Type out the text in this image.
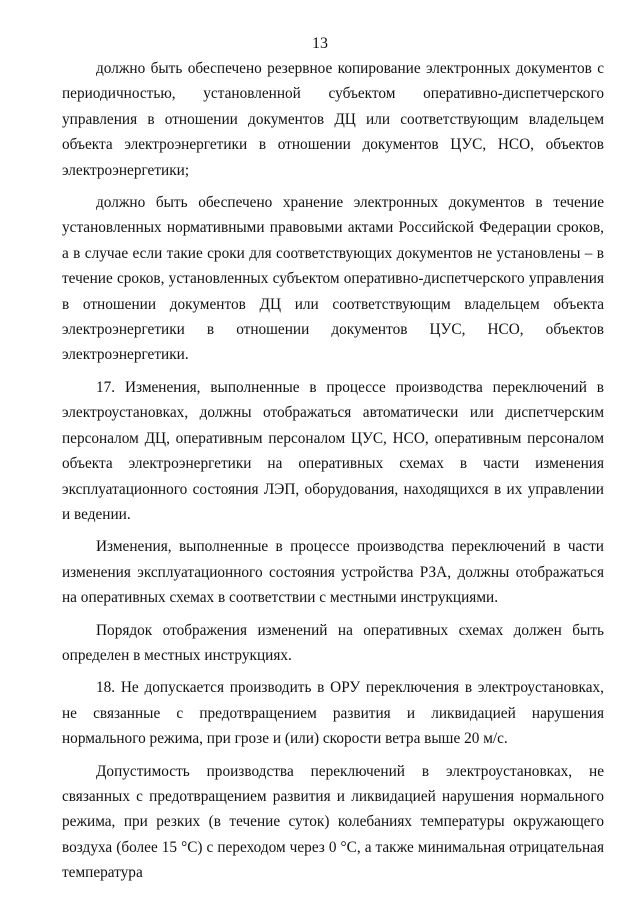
13

должно быть обеспечено резервное копирование электронных документов с периодичностью, установленной субъектом оперативно-диспетчерского управления в отношении документов ДЦ или соответствующим владельцем объекта электроэнергетики в отношении документов ЦУС, НСО, объектов электроэнергетики;

должно быть обеспечено хранение электронных документов в течение установленных нормативными правовыми актами Российской Федерации сроков, а в случае если такие сроки для соответствующих документов не установлены – в течение сроков, установленных субъектом оперативно-диспетчерского управления в отношении документов ДЦ или соответствующим владельцем объекта электроэнергетики в отношении документов ЦУС, НСО, объектов электроэнергетики.

17. Изменения, выполненные в процессе производства переключений в электроустановках, должны отображаться автоматически или диспетчерским персоналом ДЦ, оперативным персоналом ЦУС, НСО, оперативным персоналом объекта электроэнергетики на оперативных схемах в части изменения эксплуатационного состояния ЛЭП, оборудования, находящихся в их управлении и ведении.

Изменения, выполненные в процессе производства переключений в части изменения эксплуатационного состояния устройства РЗА, должны отображаться на оперативных схемах в соответствии с местными инструкциями.

Порядок отображения изменений на оперативных схемах должен быть определен в местных инструкциях.

18. Не допускается производить в ОРУ переключения в электроустановках, не связанные с предотвращением развития и ликвидацией нарушения нормального режима, при грозе и (или) скорости ветра выше 20 м/с.

Допустимость производства переключений в электроустановках, не связанных с предотвращением развития и ликвидацией нарушения нормального режима, при резких (в течение суток) колебаниях температуры окружающего воздуха (более 15 °С) с переходом через 0 °С, а также минимальная отрицательная температура
